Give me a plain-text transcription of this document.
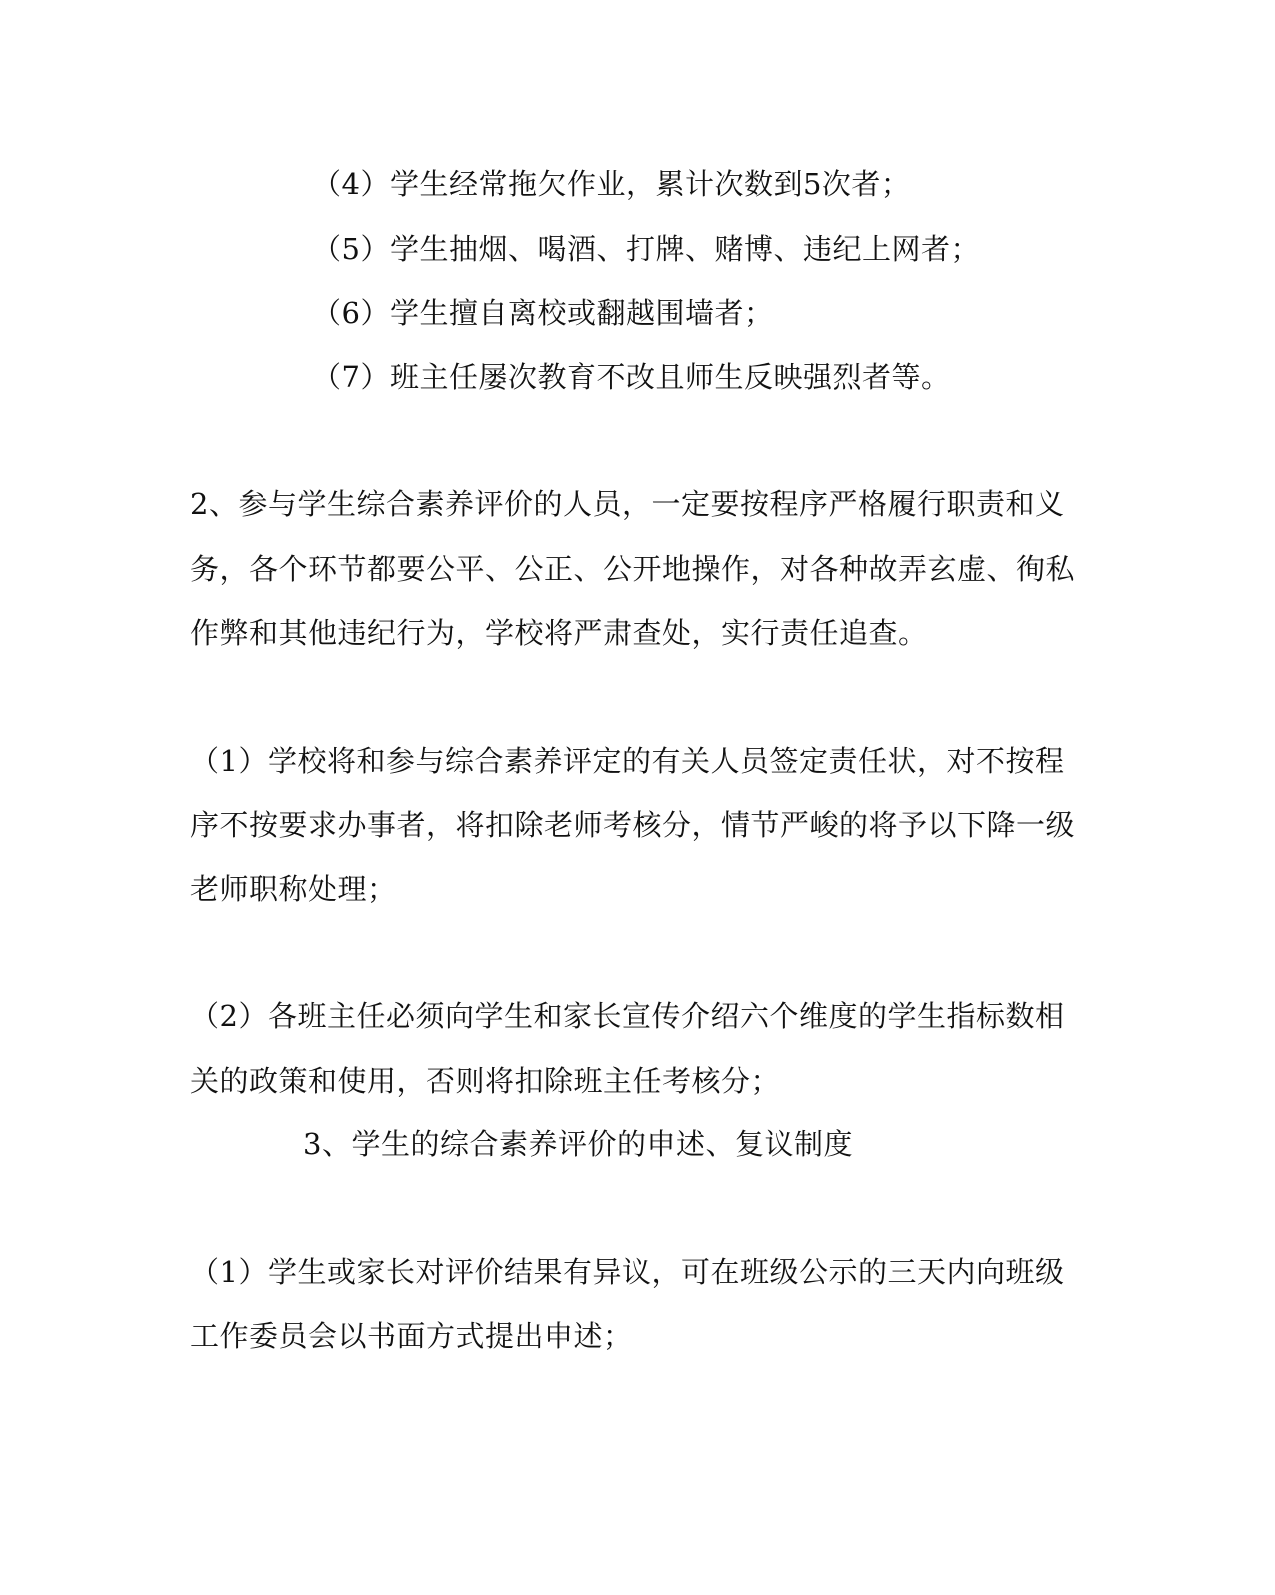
（4）学生经常拖欠作业，累计次数到5次者；
（5）学生抽烟、喝酒、打牌、赌博、违纪上网者；
（6）学生擅自离校或翻越围墙者；
（7）班主任屡次教育不改且师生反映强烈者等。
2、参与学生综合素养评价的人员，一定要按程序严格履行职责和义
务，各个环节都要公平、公正、公开地操作，对各种故弄玄虚、徇私
作弊和其他违纪行为，学校将严肃查处，实行责任追查。
（1）学校将和参与综合素养评定的有关人员签定责任状，对不按程
序不按要求办事者，将扣除老师考核分，情节严峻的将予以下降一级
老师职称处理；
（2）各班主任必须向学生和家长宣传介绍六个维度的学生指标数相
关的政策和使用，否则将扣除班主任考核分；
3、学生的综合素养评价的申述、复议制度
（1）学生或家长对评价结果有异议，可在班级公示的三天内向班级
工作委员会以书面方式提出申述；
